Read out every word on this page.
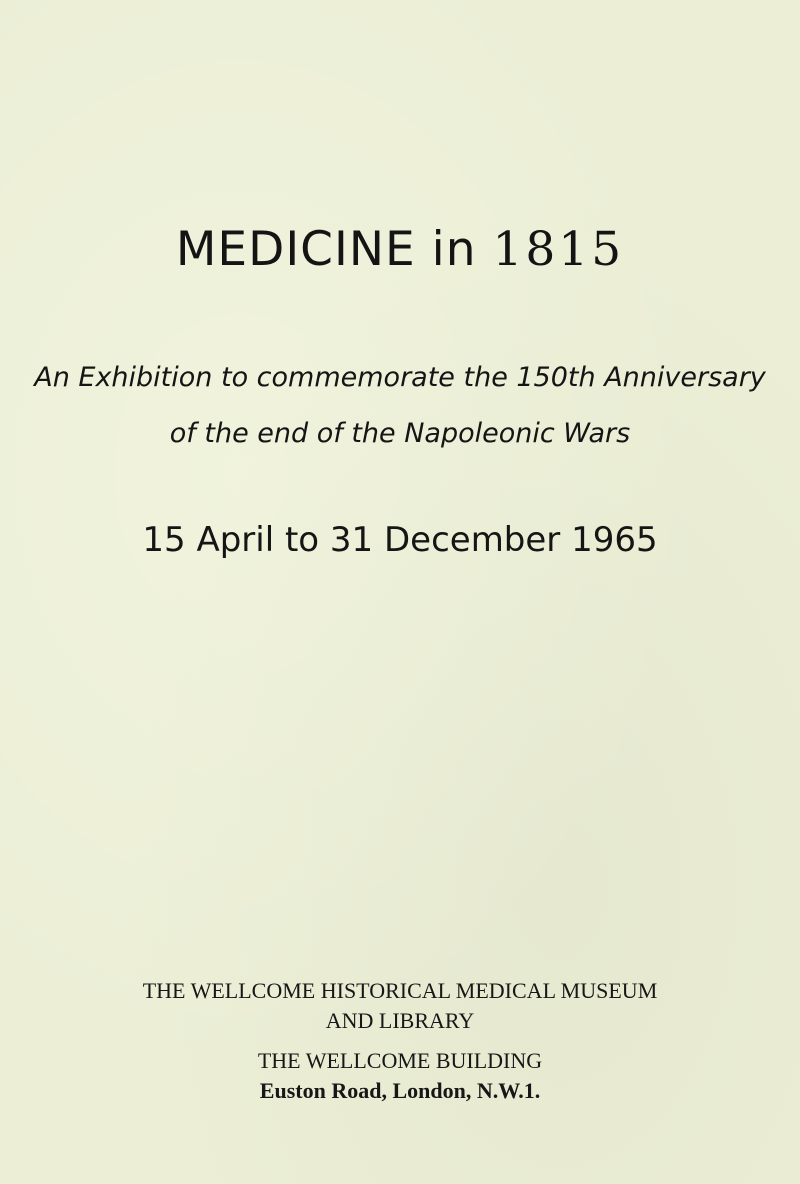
MEDICINE in 1815
An Exhibition to commemorate the 150th Anniversary
of the end of the Napoleonic Wars
15 April to 31 December 1965
THE WELLCOME HISTORICAL MEDICAL MUSEUM
AND LIBRARY
THE WELLCOME BUILDING
Euston Road, London, N.W.1.
